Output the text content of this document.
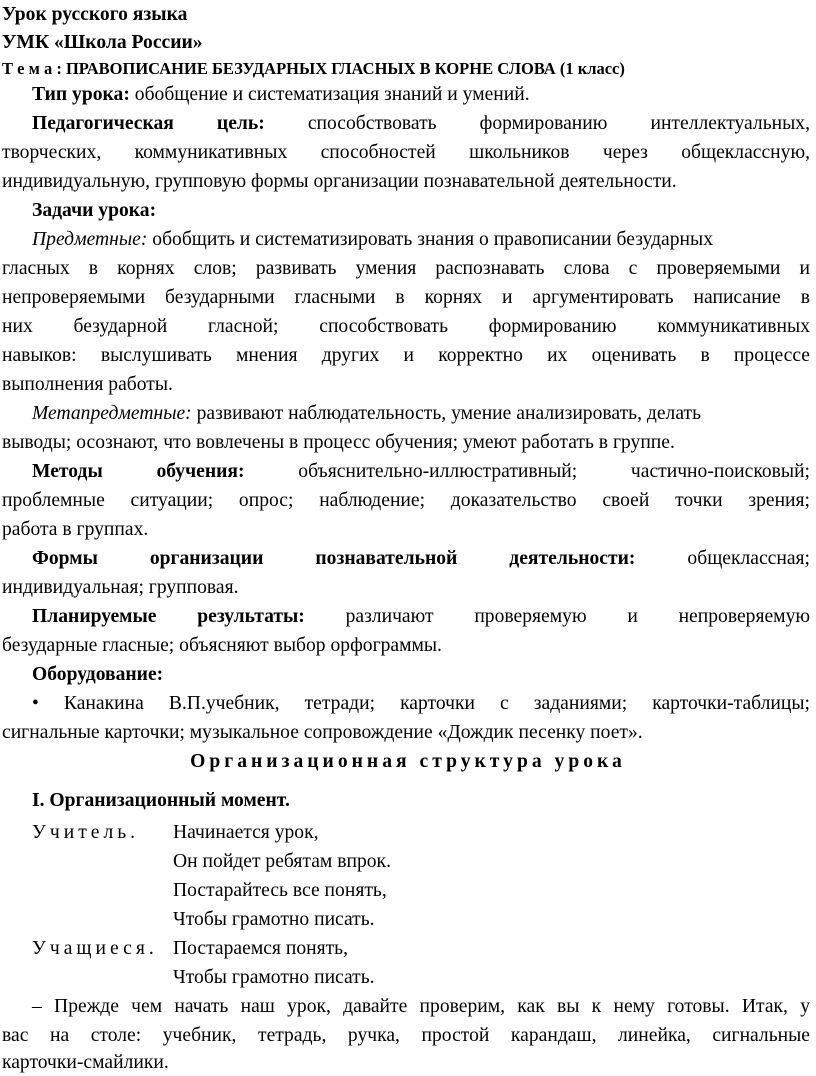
Урок русского языка

УМК «Школа России»

Т е м а : ПРАВОПИСАНИЕ БЕЗУДАРНЫХ ГЛАСНЫХ В КОРНЕ СЛОВА (1 класс)

Тип урока: обобщение и систематизация знаний и умений.

Педагогическая цель: способствовать формированию интеллектуальных,

творческих, коммуникативных способностей школьников через общеклассную,

индивидуальную, групповую формы организации познавательной деятельности.

Задачи урока:

Предметные: обобщить и систематизировать знания о правописании безударных

гласных в корнях слов; развивать умения распознавать слова с проверяемыми и

непроверяемыми безударными гласными в корнях и аргументировать написание в

них безударной гласной; способствовать формированию коммуникативных

навыков: выслушивать мнения других и корректно их оценивать в процессе

выполнения работы.

Метапредметные: развивают наблюдательность, умение анализировать, делать

выводы; осознают, что вовлечены в процесс обучения; умеют работать в группе.

Методы обучения:	объяснительно-иллюстративный; частично-поисковый;

проблемные ситуации; опрос; наблюдение; доказательство своей точки зрения;

работа в группах.

Формы организации познавательной деятельности:	общеклассная;

индивидуальная; групповая.

Планируемые результаты: различают проверяемую и непроверяемую

безударные гласные; объясняют выбор орфограммы.

Оборудование:

• Канакина В.П.учебник, тетради; карточки с заданиями; карточки-таблицы;

сигнальные карточки; музыкальное сопровождение «Дождик песенку поет».

Организационная структура урока

I. Организационный момент.

Учитель.	Начинается урок,

Он пойдет ребятам впрок.

Постарайтесь все понять,

Чтобы грамотно писать.

Учащиеся. Постараемся понять,

Чтобы грамотно писать.

– Прежде чем начать наш урок, давайте проверим, как вы к нему готовы. Итак, у

вас на столе: учебник, тетрадь, ручка, простой карандаш, линейка, сигнальные

карточки-смайлики.
